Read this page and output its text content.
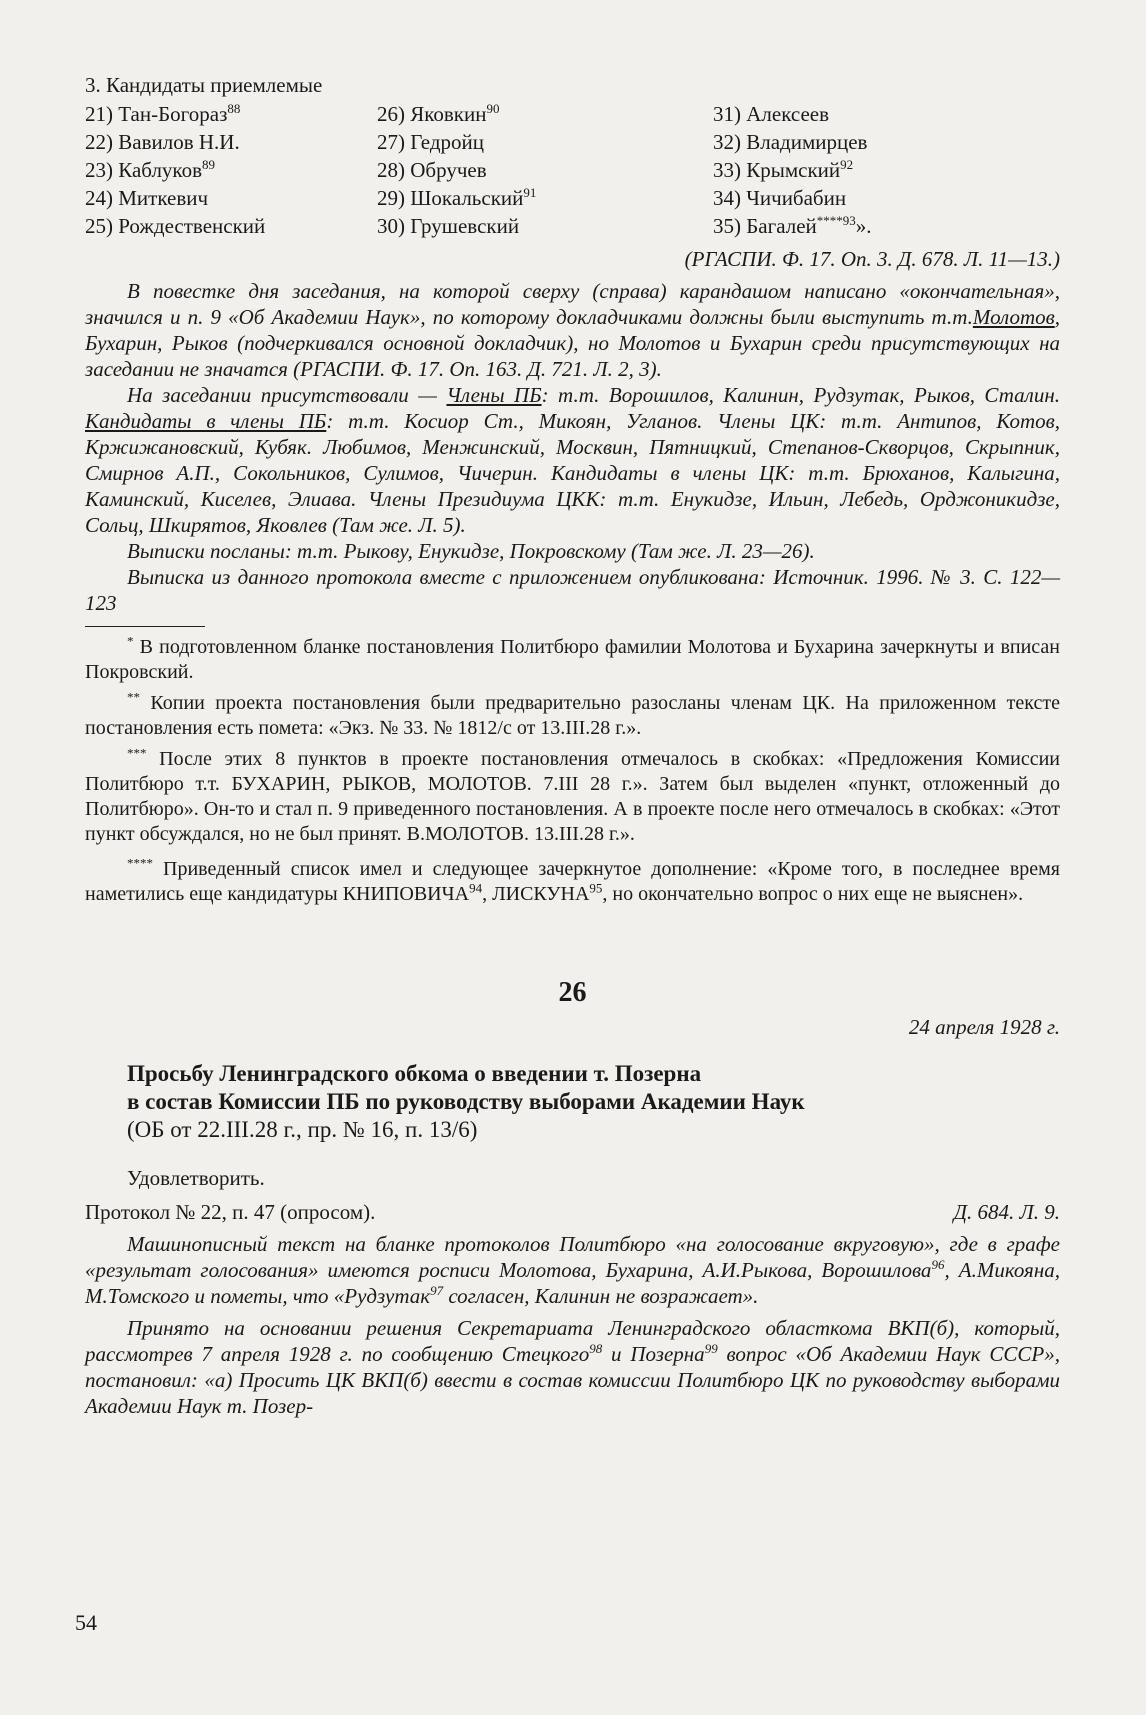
3. Кандидаты приемлемые

21) Тан-Богораз$^{88}$	26) Яковкин$^{90}$	31) Алексеев
22) Вавилов Н.И.	27) Гедройц	32) Владимирцев
23) Каблуков$^{89}$	28) Обручев	33) Крымский$^{92}$
24) Миткевич	29) Шокальский$^{91}$	34) Чичибабин
25) Рождественский	30) Грушевский	35) Багалей$^{****93}$».

(РГАСПИ. Ф. 17. Оп. 3. Д. 678. Л. 11—13.)

В повестке дня заседания, на которой сверху (справа) карандашом написано «окончательная», значился и п. 9 «Об Академии Наук», по которому докладчиками должны были выступить т.т.Молотов, Бухарин, Рыков (подчеркивался основной докладчик), но Молотов и Бухарин среди присутствующих на заседании не значатся (РГАСПИ. Ф. 17. Оп. 163. Д. 721. Л. 2, 3).

На заседании присутствовали — Члены ПБ: т.т. Ворошилов, Калинин, Рудзутак, Рыков, Сталин. Кандидаты в члены ПБ: т.т. Косиор Ст., Микоян, Угланов. Члены ЦК: т.т. Антипов, Котов, Кржижановский, Кубяк. Любимов, Менжинский, Москвин, Пятницкий, Степанов-Скворцов, Скрыпник, Смирнов А.П., Сокольников, Сулимов, Чичерин. Кандидаты в члены ЦК: т.т. Брюханов, Калыгина, Каминский, Киселев, Элиава. Члены Президиума ЦКК: т.т. Енукидзе, Ильин, Лебедь, Орджоникидзе, Сольц, Шкирятов, Яковлев (Там же. Л. 5).

Выписки посланы: т.т. Рыкову, Енукидзе, Покровскому (Там же. Л. 23—26).

Выписка из данного протокола вместе с приложением опубликована: Источник. 1996. № 3. С. 122—123

* В подготовленном бланке постановления Политбюро фамилии Молотова и Бухарина зачеркнуты и вписан Покровский.

** Копии проекта постановления были предварительно разосланы членам ЦК. На приложенном тексте постановления есть помета: «Экз. № 33. № 1812/с от 13.III.28 г.».

*** После этих 8 пунктов в проекте постановления отмечалось в скобках: «Предложения Комиссии Политбюро т.т. БУХАРИН, РЫКОВ, МОЛОТОВ. 7.III 28 г.». Затем был выделен «пункт, отложенный до Политбюро». Он-то и стал п. 9 приведенного постановления. А в проекте после него отмечалось в скобках: «Этот пункт обсуждался, но не был принят. В.МОЛОТОВ. 13.III.28 г.».

**** Приведенный список имел и следующее зачеркнутое дополнение: «Кроме того, в последнее время наметились еще кандидатуры КНИПОВИЧА$^{94}$, ЛИСКУНА$^{95}$, но окончательно вопрос о них еще не выяснен».

26

24 апреля 1928 г.

Просьбу Ленинградского обкома о введении т. Позерна

в состав Комиссии ПБ по руководству выборами Академии Наук

(ОБ от 22.III.28 г., пр. № 16, п. 13/6)

Удовлетворить.

Протокол № 22, п. 47 (опросом).	Д. 684. Л. 9.

Машинописный текст на бланке протоколов Политбюро «на голосование вкруговую», где в графе «результат голосования» имеются росписи Молотова, Бухарина, А.И.Рыкова, Ворошилова$^{96}$, А.Микояна, М.Томского и пометы, что «Рудзутак$^{97}$ согласен, Калинин не возражает».

Принято на основании решения Секретариата Ленинградского областкома ВКП(б), который, рассмотрев 7 апреля 1928 г. по сообщению Стецкого$^{98}$ и Позерна$^{99}$ вопрос «Об Академии Наук СССР», постановил: «а) Просить ЦК ВКП(б) ввести в состав комиссии Политбюро ЦК по руководству выборами Академии Наук т. Позер-

54
